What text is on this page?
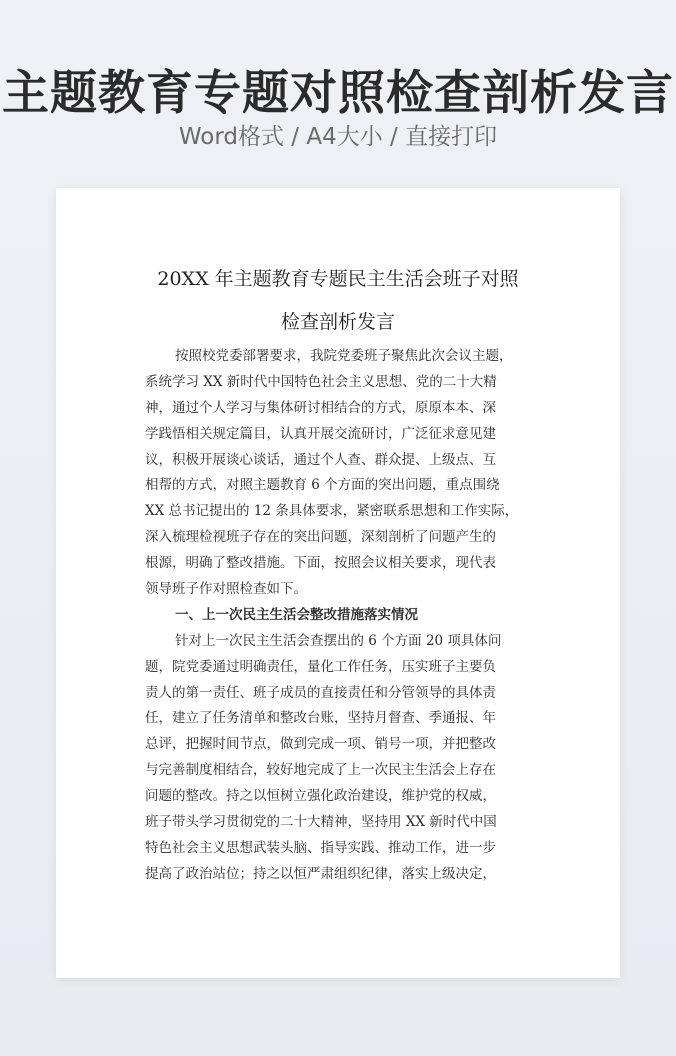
主题教育专题对照检查剖析发言
Word格式 / A4大小 / 直接打印
20XX 年主题教育专题民主生活会班子对照
检查剖析发言
按照校党委部署要求，我院党委班子聚焦此次会议主题，
系统学习 XX 新时代中国特色社会主义思想、党的二十大精
神，通过个人学习与集体研讨相结合的方式，原原本本、深
学践悟相关规定篇目，认真开展交流研讨，广泛征求意见建
议，积极开展谈心谈话，通过个人查、群众提、上级点、互
相帮的方式，对照主题教育 6 个方面的突出问题，重点围绕
XX 总书记提出的 12 条具体要求，紧密联系思想和工作实际，
深入梳理检视班子存在的突出问题，深刻剖析了问题产生的
根源，明确了整改措施。下面，按照会议相关要求，现代表
领导班子作对照检查如下。
一、上一次民主生活会整改措施落实情况
针对上一次民主生活会查摆出的 6 个方面 20 项具体问
题，院党委通过明确责任，量化工作任务，压实班子主要负
责人的第一责任、班子成员的直接责任和分管领导的具体责
任，建立了任务清单和整改台账，坚持月督查、季通报、年
总评，把握时间节点，做到完成一项、销号一项，并把整改
与完善制度相结合，较好地完成了上一次民主生活会上存在
问题的整改。持之以恒树立强化政治建设，维护党的权威，
班子带头学习贯彻党的二十大精神，坚持用 XX 新时代中国
特色社会主义思想武装头脑、指导实践、推动工作，进一步
提高了政治站位；持之以恒严肃组织纪律，落实上级决定，
